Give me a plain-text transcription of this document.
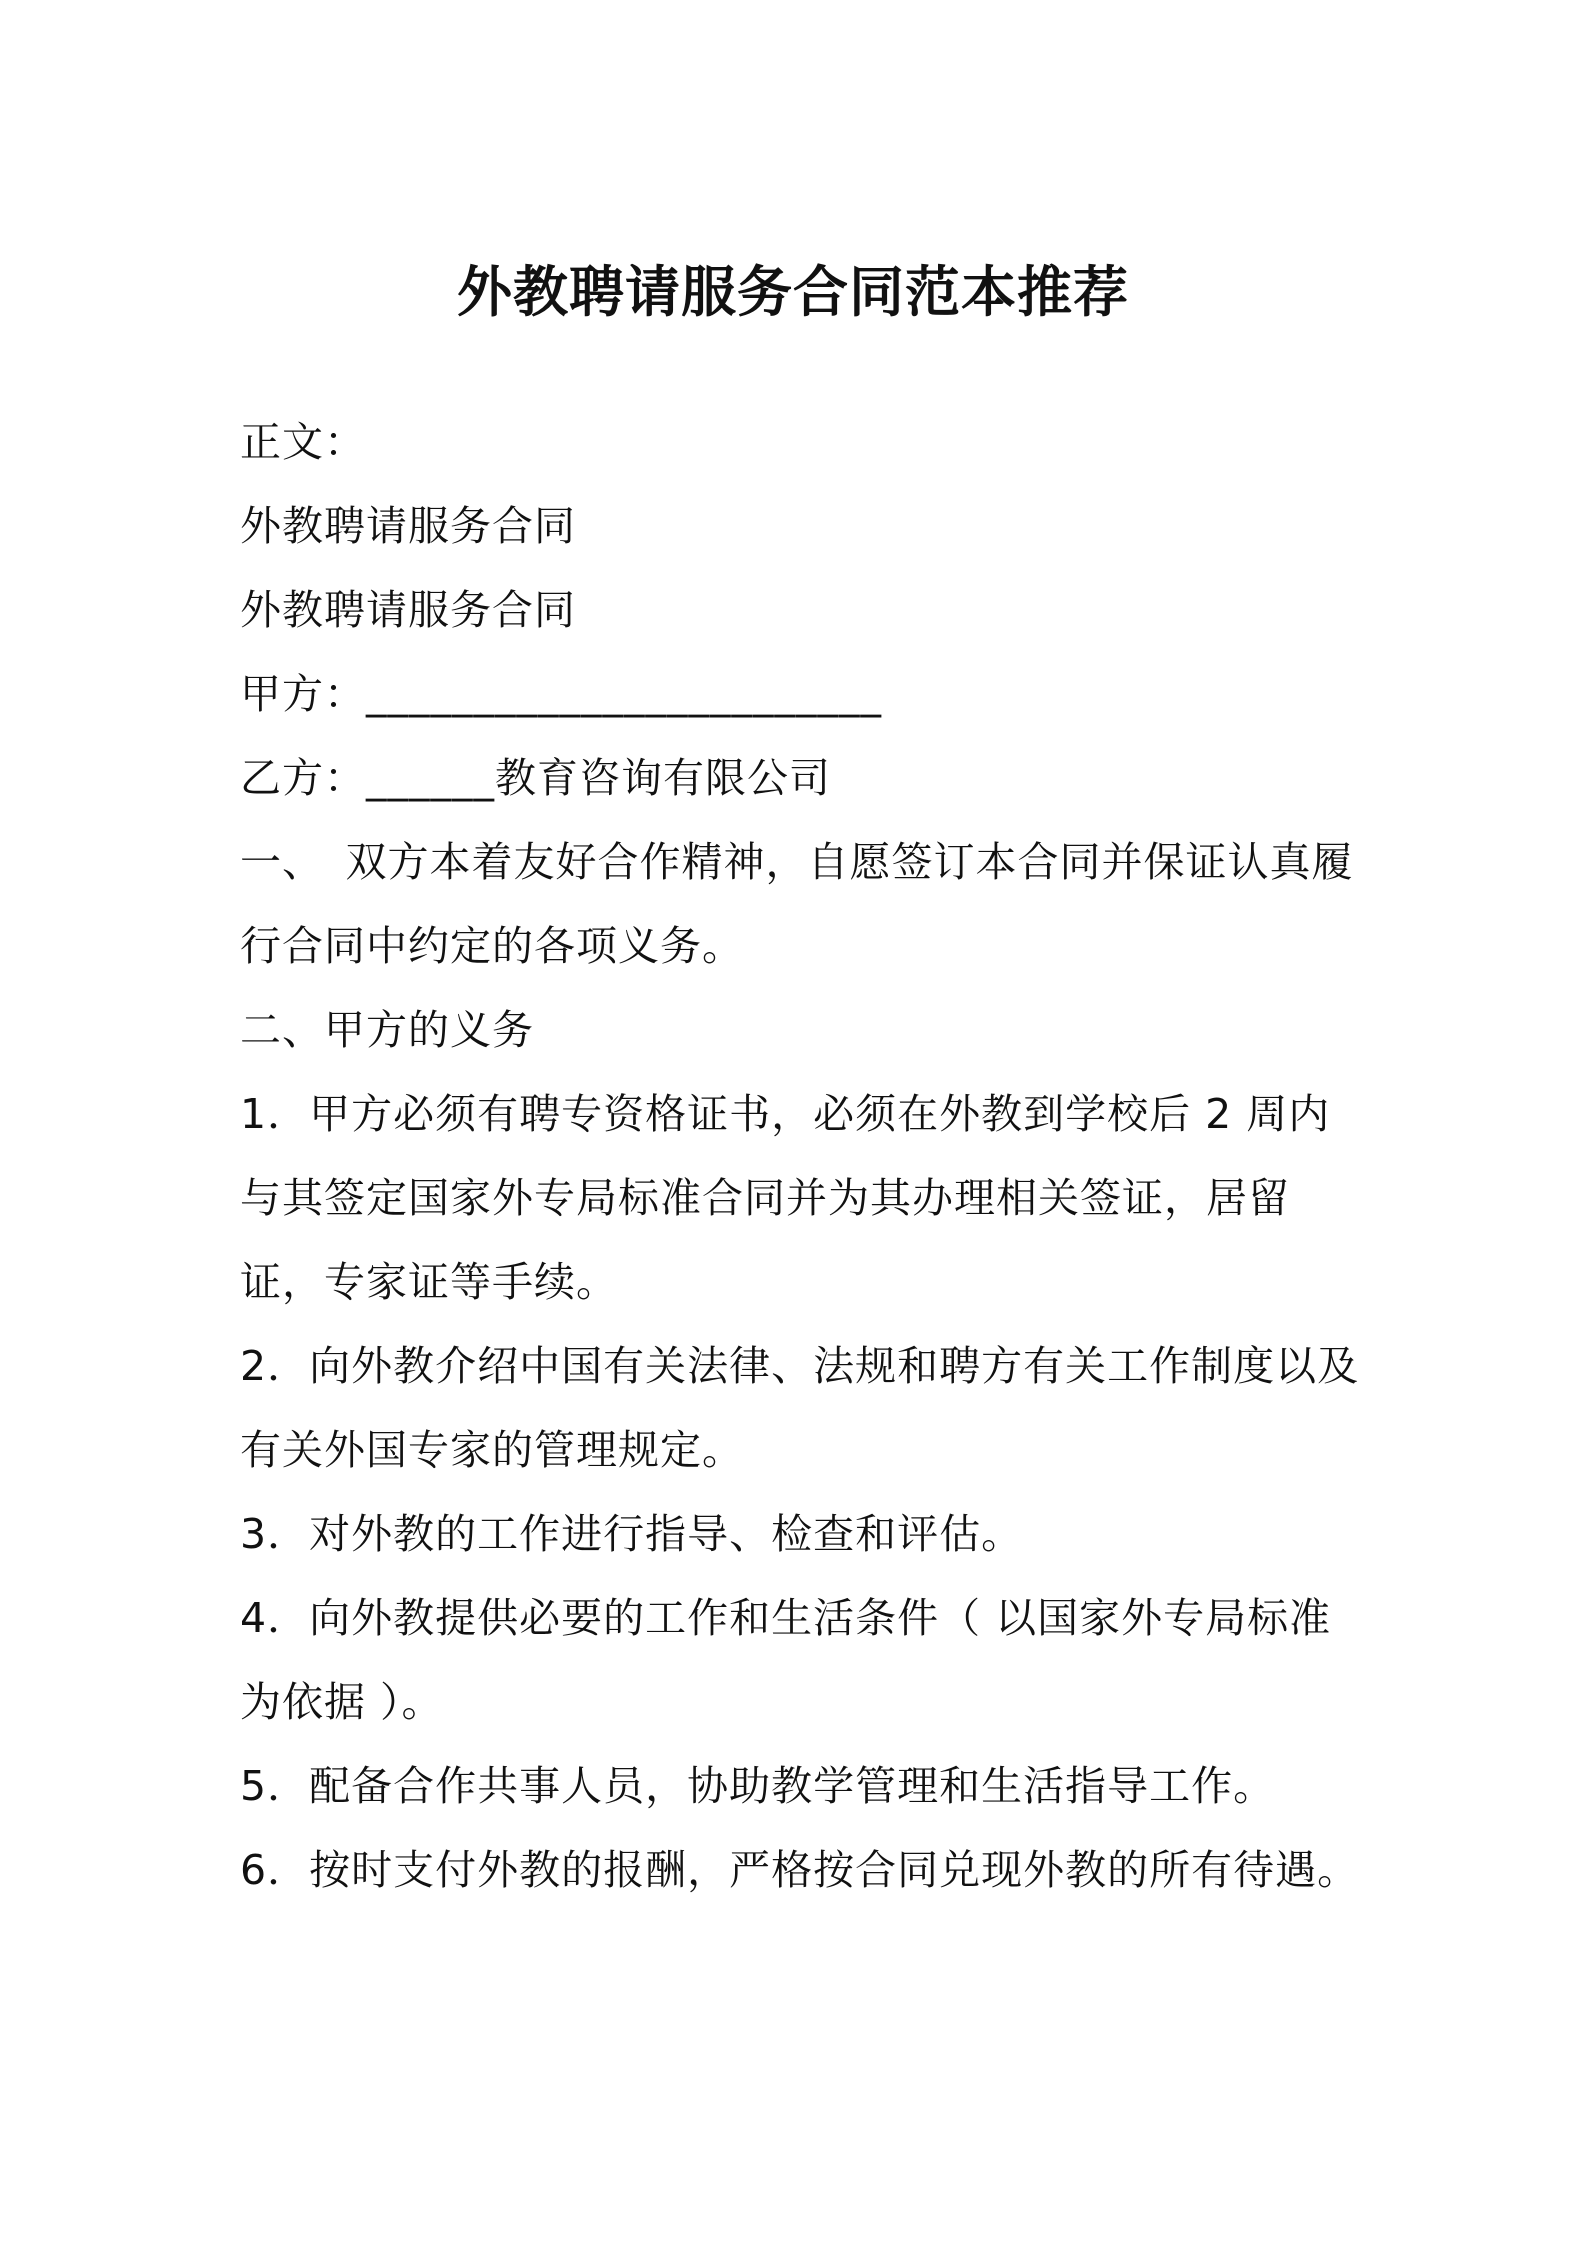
外教聘请服务合同范本推荐

正文：

外教聘请服务合同

外教聘请服务合同

甲方：________________________

乙方：______教育咨询有限公司

一、　双方本着友好合作精神，自愿签订本合同并保证认真履行合同中约定的各项义务。

二、甲方的义务

1．甲方必须有聘专资格证书，必须在外教到学校后 2 周内与其签定国家外专局标准合同并为其办理相关签证，居留证，专家证等手续。

2．向外教介绍中国有关法律、法规和聘方有关工作制度以及有关外国专家的管理规定。

3．对外教的工作进行指导、检查和评估。

4．向外教提供必要的工作和生活条件（ 以国家外专局标准为依据 ）。

5．配备合作共事人员，协助教学管理和生活指导工作。

6．按时支付外教的报酬，严格按合同兑现外教的所有待遇。
